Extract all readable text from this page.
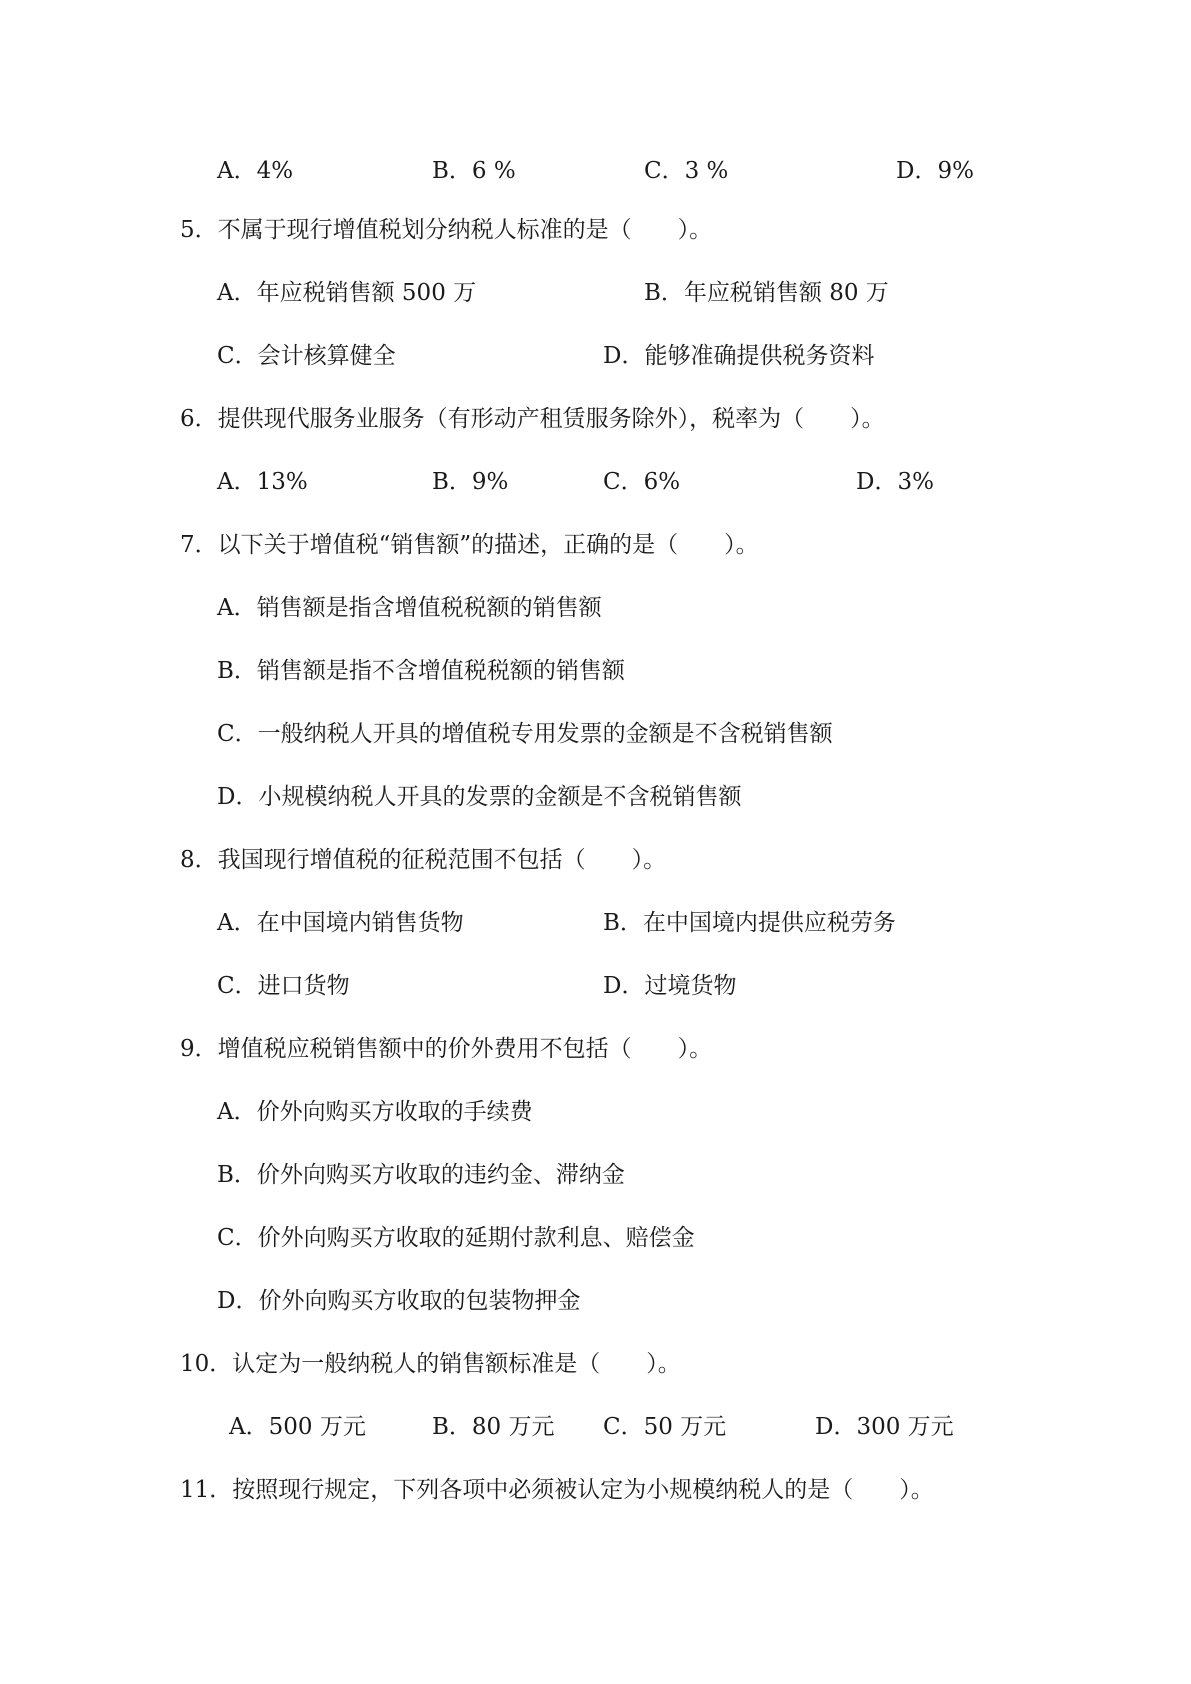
A．4%	B．6 %	C．3 %	D．9%
5．不属于现行增值税划分纳税人标准的是（　　）。
A．年应税销售额 500 万	B．年应税销售额 80 万
C．会计核算健全	D．能够准确提供税务资料
6．提供现代服务业服务（有形动产租赁服务除外），税率为（　　）。
A．13%	B．9%	C．6%	D．3%
7．以下关于增值税“销售额”的描述，正确的是（　　）。
A．销售额是指含增值税税额的销售额
B．销售额是指不含增值税税额的销售额
C．一般纳税人开具的增值税专用发票的金额是不含税销售额
D．小规模纳税人开具的发票的金额是不含税销售额
8．我国现行增值税的征税范围不包括（　　）。
A．在中国境内销售货物	B．在中国境内提供应税劳务
C．进口货物	D．过境货物
9．增值税应税销售额中的价外费用不包括（　　）。
A．价外向购买方收取的手续费
B．价外向购买方收取的违约金、滞纳金
C．价外向购买方收取的延期付款利息、赔偿金
D．价外向购买方收取的包装物押金
10．认定为一般纳税人的销售额标准是（　　）。
A．500 万元	B．80 万元 C．50 万元	D．300 万元
11．按照现行规定，下列各项中必须被认定为小规模纳税人的是（　　）。
